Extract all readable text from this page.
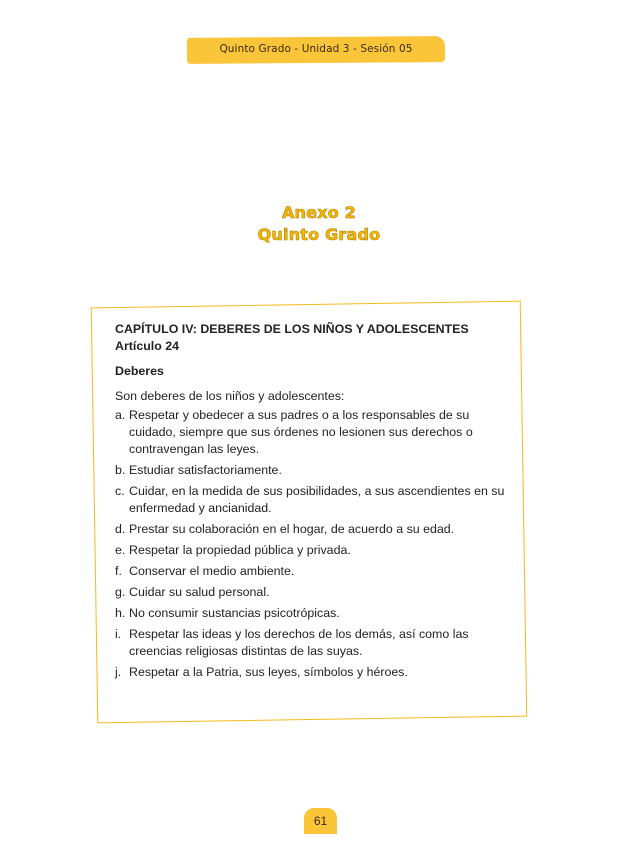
Quinto Grado - Unidad 3 - Sesión 05
Anexo 2
Quinto Grado
CAPÍTULO IV: DEBERES DE LOS NIÑOS Y ADOLESCENTES
Artículo 24
Deberes
Son deberes de los niños y adolescentes:
a. Respetar y obedecer a sus padres o a los responsables de su cuidado, siempre que sus órdenes no lesionen sus derechos o contravengan las leyes.
b. Estudiar satisfactoriamente.
c. Cuidar, en la medida de sus posibilidades, a sus ascendientes en su enfermedad y ancianidad.
d. Prestar su colaboración en el hogar, de acuerdo a su edad.
e. Respetar la propiedad pública y privada.
f. Conservar el medio ambiente.
g. Cuidar su salud personal.
h. No consumir sustancias psicotrópicas.
i. Respetar las ideas y los derechos de los demás, así como las creencias religiosas distintas de las suyas.
j. Respetar a la Patria, sus leyes, símbolos y héroes.
61
